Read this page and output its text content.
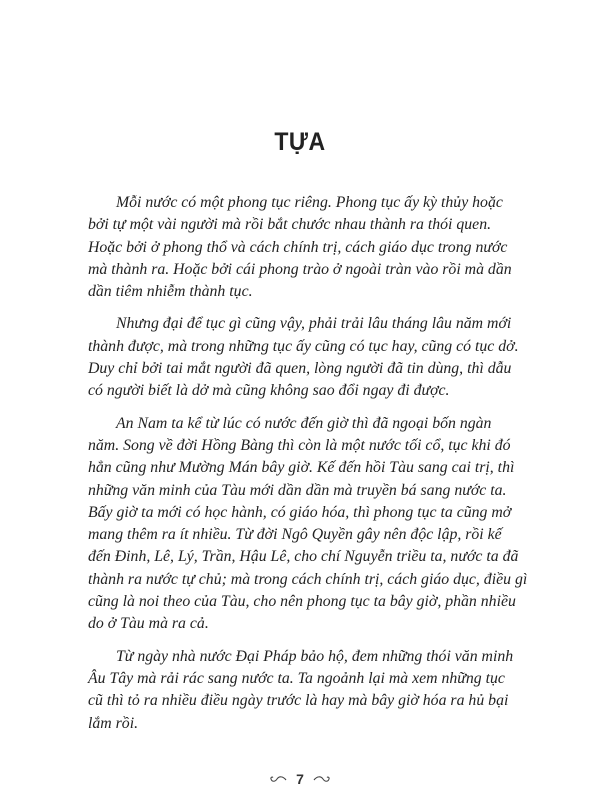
TỰA
Mỗi nước có một phong tục riêng. Phong tục ấy kỳ thủy hoặc
bởi tự một vài người mà rồi bắt chước nhau thành ra thói quen.
Hoặc bởi ở phong thổ và cách chính trị, cách giáo dục trong nước
mà thành ra. Hoặc bởi cái phong trào ở ngoài tràn vào rồi mà dần
dần tiêm nhiễm thành tục.
Nhưng đại để tục gì cũng vậy, phải trải lâu tháng lâu năm mới
thành được, mà trong những tục ấy cũng có tục hay, cũng có tục dở.
Duy chỉ bởi tai mắt người đã quen, lòng người đã tin dùng, thì dẫu
có người biết là dở mà cũng không sao đổi ngay đi được.
An Nam ta kể từ lúc có nước đến giờ thì đã ngoại bốn ngàn
năm. Song về đời Hồng Bàng thì còn là một nước tối cổ, tục khi đó
hẳn cũng như Mường Mán bây giờ. Kế đến hồi Tàu sang cai trị, thì
những văn minh của Tàu mới dần dần mà truyền bá sang nước ta.
Bấy giờ ta mới có học hành, có giáo hóa, thì phong tục ta cũng mở
mang thêm ra ít nhiều. Từ đời Ngô Quyền gây nên độc lập, rồi kế
đến Đinh, Lê, Lý, Trần, Hậu Lê, cho chí Nguyễn triều ta, nước ta đã
thành ra nước tự chủ; mà trong cách chính trị, cách giáo dục, điều gì
cũng là noi theo của Tàu, cho nên phong tục ta bây giờ, phần nhiều
do ở Tàu mà ra cả.
Từ ngày nhà nước Đại Pháp bảo hộ, đem những thói văn minh
Âu Tây mà rải rác sang nước ta. Ta ngoảnh lại mà xem những tục
cũ thì tỏ ra nhiều điều ngày trước là hay mà bây giờ hóa ra hủ bại
lắm rồi.
7
